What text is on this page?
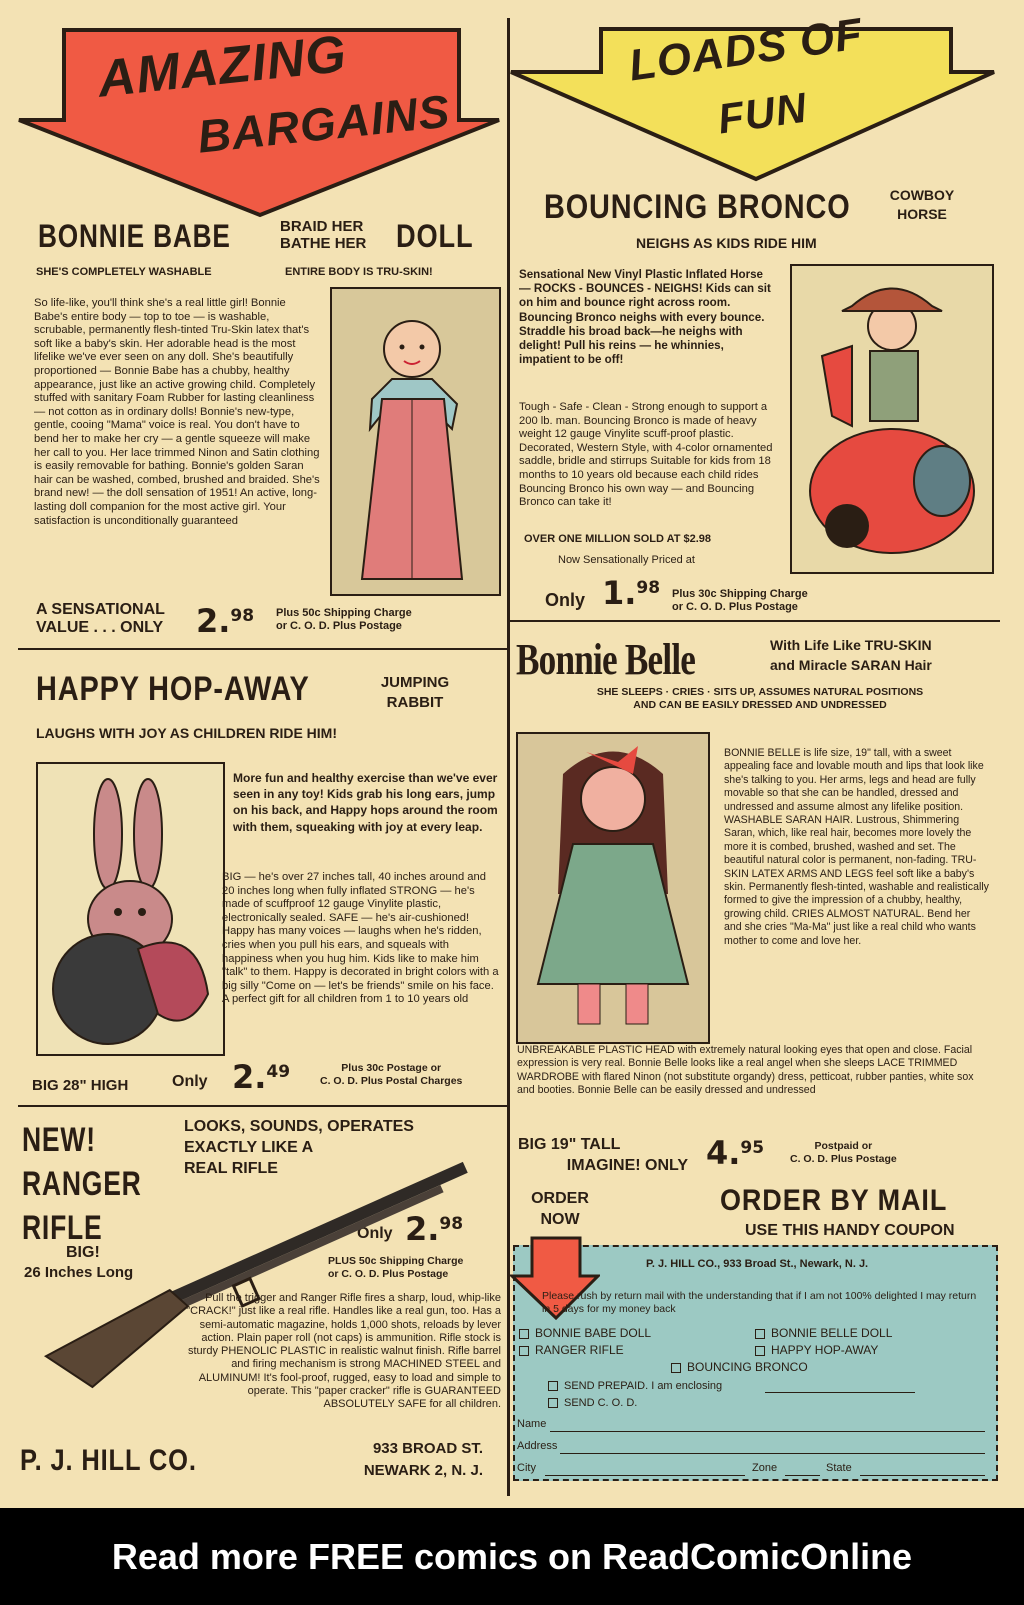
AMAZING
BARGAINS
LOADS OF
FUN
BONNIE BABE	BRAID HER
BATHE HER DOLL
SHE'S COMPLETELY WASHABLE	ENTIRE BODY IS TRU-SKIN!
So life-like, you'll think she's a real little girl! Bonnie Babe's entire body — top to toe — is washable, scrubable, permanently flesh-tinted Tru-Skin latex that's soft like a baby's skin. Her adorable head is the most lifelike we've ever seen on any doll. She's beautifully proportioned — Bonnie Babe has a chubby, healthy appearance, just like an active growing child. Completely stuffed with sanitary Foam Rubber for lasting cleanliness — not cotton as in ordinary dolls! Bonnie's new-type, gentle, cooing "Mama" voice is real. You don't have to bend her to make her cry — a gentle squeeze will make her call to you. Her lace trimmed Ninon and Satin clothing is easily removable for bathing. Bonnie's golden Saran hair can be washed, combed, brushed and braided. She's brand new! — the doll sensation of 1951! An active, long-lasting doll companion for the most active girl. Your satisfaction is unconditionally guaranteed
A SENSATIONAL
VALUE . . . ONLY 2.98 Plus 50c Shipping Charge
or C. O. D. Plus Postage
BOUNCING BRONCO	COWBOY
HORSE
NEIGHS AS KIDS RIDE HIM
Sensational New Vinyl Plastic Inflated Horse — ROCKS - BOUNCES - NEIGHS! Kids can sit on him and bounce right across room. Bouncing Bronco neighs with every bounce. Straddle his broad back—he neighs with delight! Pull his reins — he whinnies, impatient to be off!
Tough - Safe - Clean - Strong enough to support a 200 lb. man. Bouncing Bronco is made of heavy weight 12 gauge Vinylite scuff-proof plastic. Decorated, Western Style, with 4-color ornamented saddle, bridle and stirrups Suitable for kids from 18 months to 10 years old because each child rides Bouncing Bronco his own way — and Bouncing Bronco can take it!
OVER ONE MILLION SOLD AT $2.98
Now Sensationally Priced at
Only 1.98 Plus 30c Shipping Charge
or C. O. D. Plus Postage
HAPPY HOP-AWAY	JUMPING
RABBIT
LAUGHS WITH JOY AS CHILDREN RIDE HIM!
More fun and healthy exercise than we've ever seen in any toy! Kids grab his long ears, jump on his back, and Happy hops around the room with them, squeaking with joy at every leap.
BIG — he's over 27 inches tall, 40 inches around and 20 inches long when fully inflated STRONG — he's made of scuffproof 12 gauge Vinylite plastic, electronically sealed. SAFE — he's air-cushioned! Happy has many voices — laughs when he's ridden, cries when you pull his ears, and squeals with happiness when you hug him. Kids like to make him "talk" to them. Happy is decorated in bright colors with a big silly "Come on — let's be friends" smile on his face. A perfect gift for all children from 1 to 10 years old
BIG 28" HIGH	Only 2.49	Plus 30c Postage or
C. O. D. Plus Postal Charges
Bonnie Belle	With Life Like TRU-SKIN
and Miracle SARAN Hair
SHE SLEEPS · CRIES · SITS UP, ASSUMES NATURAL POSITIONS
AND CAN BE EASILY DRESSED AND UNDRESSED
BONNIE BELLE is life size, 19" tall, with a sweet appealing face and lovable mouth and lips that look like she's talking to you. Her arms, legs and head are fully movable so that she can be handled, dressed and undressed and assume almost any lifelike position. WASHABLE SARAN HAIR. Lustrous, Shimmering Saran, which, like real hair, becomes more lovely the more it is combed, brushed, washed and set. The beautiful natural color is permanent, non-fading. TRU-SKIN LATEX ARMS AND LEGS feel soft like a baby's skin. Permanently flesh-tinted, washable and realistically formed to give the impression of a chubby, healthy, growing child. CRIES ALMOST NATURAL. Bend her and she cries "Ma-Ma" just like a real child who wants mother to come and love her.
UNBREAKABLE PLASTIC HEAD with extremely natural looking eyes that open and close. Facial expression is very real. Bonnie Belle looks like a real angel when she sleeps LACE TRIMMED WARDROBE with flared Ninon (not substitute organdy) dress, petticoat, rubber panties, white sox and booties. Bonnie Belle can be easily dressed and undressed
BIG 19" TALL
IMAGINE! ONLY 4.95	Postpaid or
C. O. D. Plus Postage
NEW!
RANGER
RIFLE
BIG!
26 Inches Long
LOOKS, SOUNDS, OPERATES
EXACTLY LIKE A
REAL RIFLE
Only 2.98
PLUS 50c Shipping Charge
or C. O. D. Plus Postage
Pull the trigger and Ranger Rifle fires a sharp, loud, whip-like "CRACK!" just like a real rifle. Handles like a real gun, too. Has a semi-automatic magazine, holds 1,000 shots, reloads by lever action. Plain paper roll (not caps) is ammunition. Rifle stock is sturdy PHENOLIC PLASTIC in realistic walnut finish. Rifle barrel and firing mechanism is strong MACHINED STEEL and ALUMINUM! It's fool-proof, rugged, easy to load and simple to operate. This "paper cracker" rifle is GUARANTEED ABSOLUTELY SAFE for all children.
P. J. HILL CO.	933 BROAD ST.
NEWARK 2, N. J.
ORDER
NOW
ORDER BY MAIL
USE THIS HANDY COUPON
P. J. HILL CO., 933 Broad St., Newark, N. J.
Please rush by return mail with the understanding that if I am not 100% delighted I may return in 5 days for my money back
BONNIE BABE DOLL	BONNIE BELLE DOLL
RANGER RIFLE	HAPPY HOP-AWAY
BOUNCING BRONCO
SEND PREPAID. I am enclosing
SEND C. O. D.
Name
Address
City	Zone	State
Read more FREE comics on ReadComicOnline
